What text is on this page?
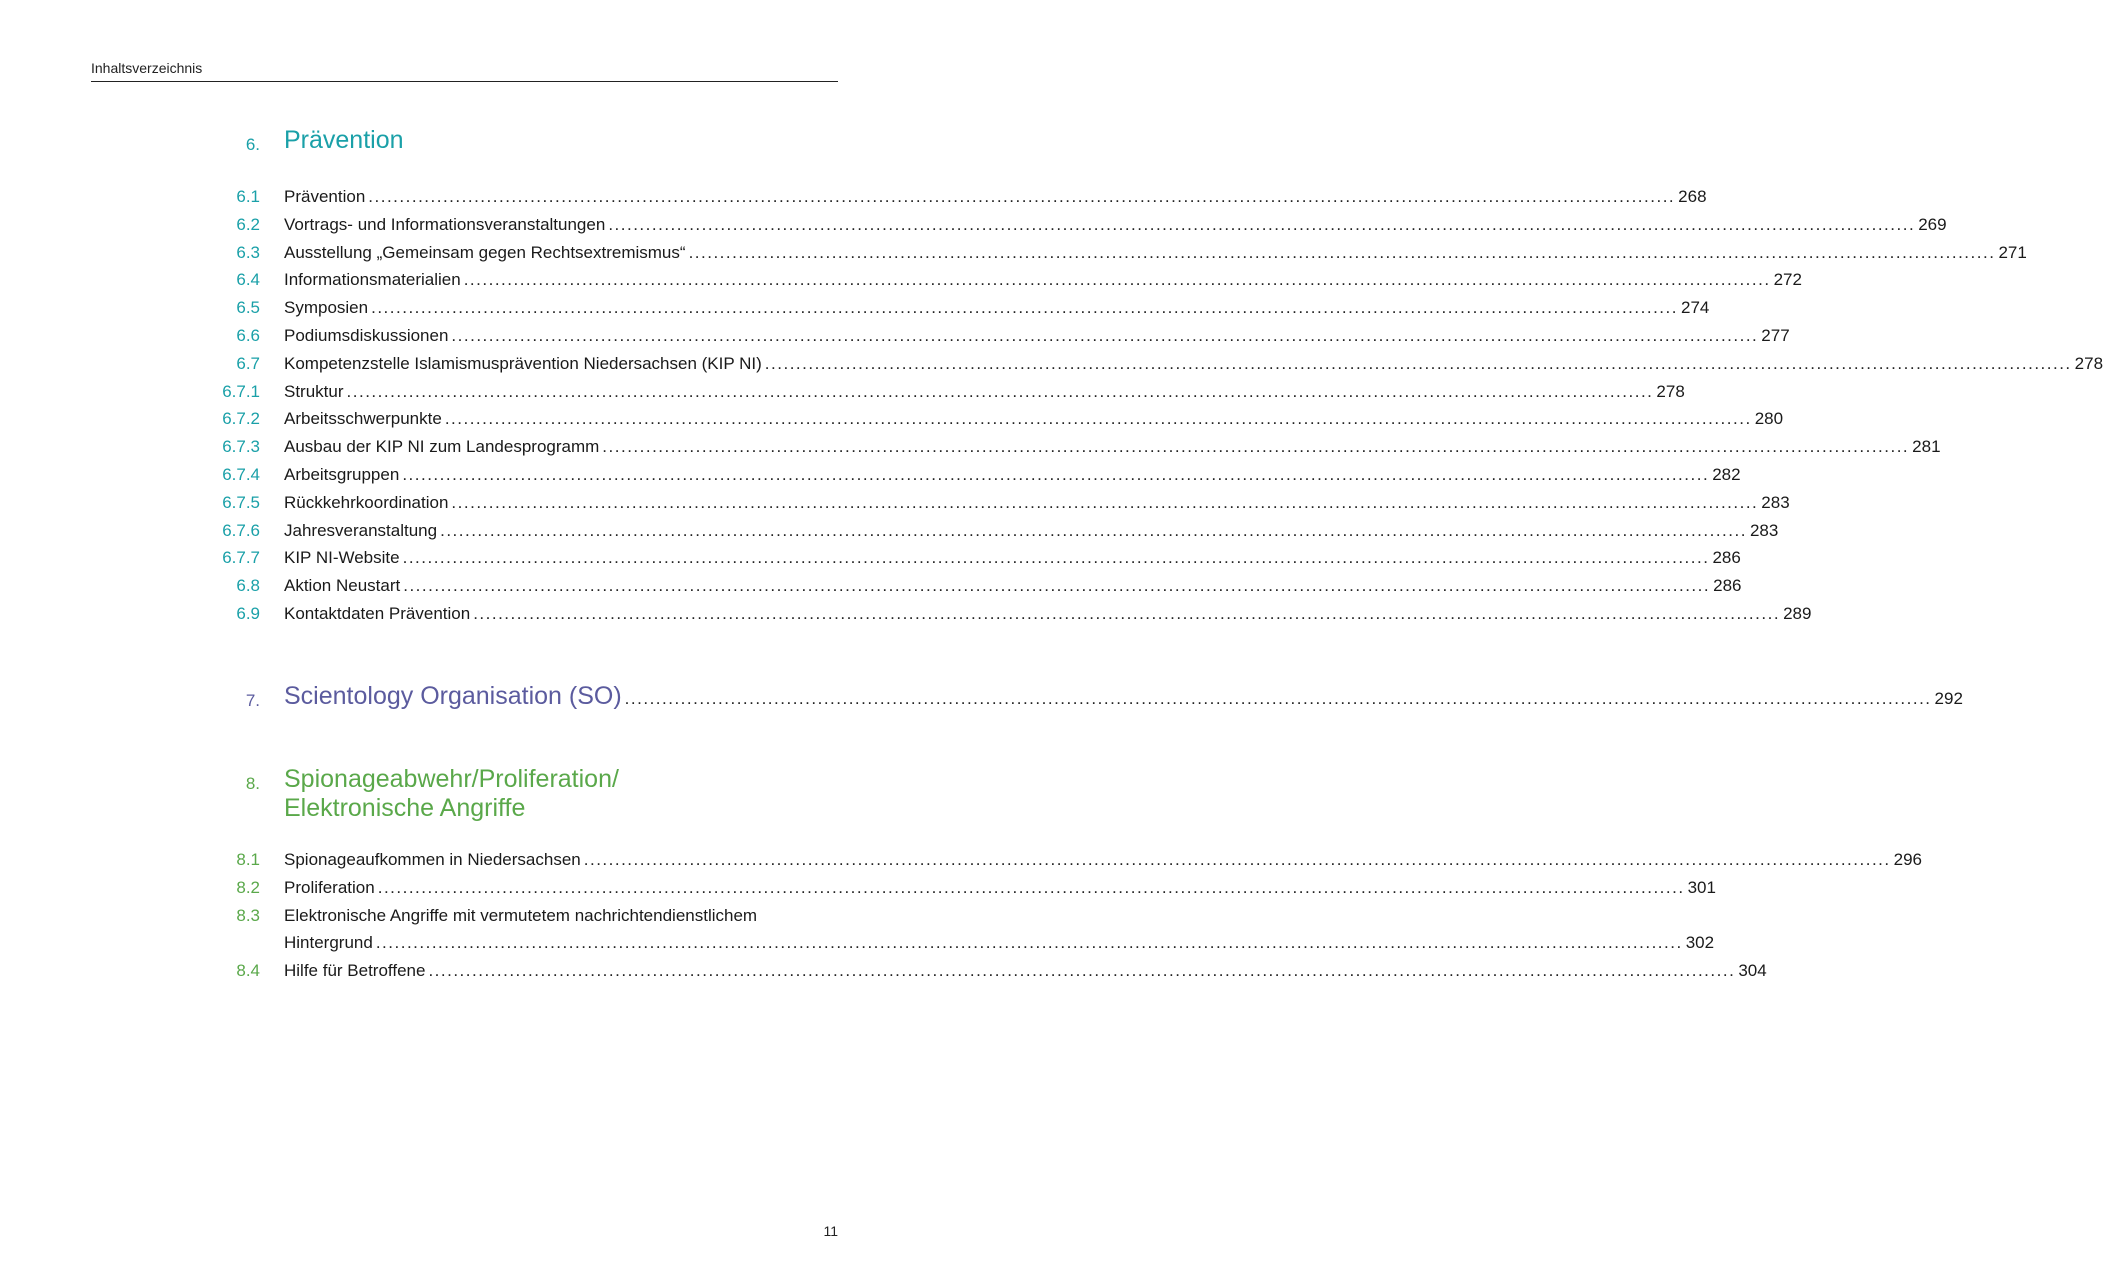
Inhaltsverzeichnis
6. Prävention
6.1 Prävention .....	268
6.2 Vortrags- und Informationsveranstaltungen .....	269
6.3 Ausstellung „Gemeinsam gegen Rechtsextremismus“ .....	271
6.4 Informationsmaterialien .....	272
6.5 Symposien .....	274
6.6 Podiumsdiskussionen .....	277
6.7 Kompetenzstelle Islamismusprävention Niedersachsen (KIP NI) .....	278
6.7.1 Struktur .....	278
6.7.2 Arbeitsschwerpunkte .....	280
6.7.3 Ausbau der KIP NI zum Landesprogramm .....	281
6.7.4 Arbeitsgruppen .....	282
6.7.5 Rückkehrkoordination .....	283
6.7.6 Jahresveranstaltung .....	283
6.7.7 KIP NI-Website .....	286
6.8 Aktion Neustart .....	286
6.9 Kontaktdaten Prävention .....	289
7. Scientology Organisation (SO) .....	292
8. Spionageabwehr/Proliferation/
Elektronische Angriffe
8.1 Spionageaufkommen in Niedersachsen .....	296
8.2 Proliferation .....	301
8.3 Elektronische Angriffe mit vermutetem nachrichtendienstlichem
Hintergrund .....	302
8.4 Hilfe für Betroffene .....	304
11
